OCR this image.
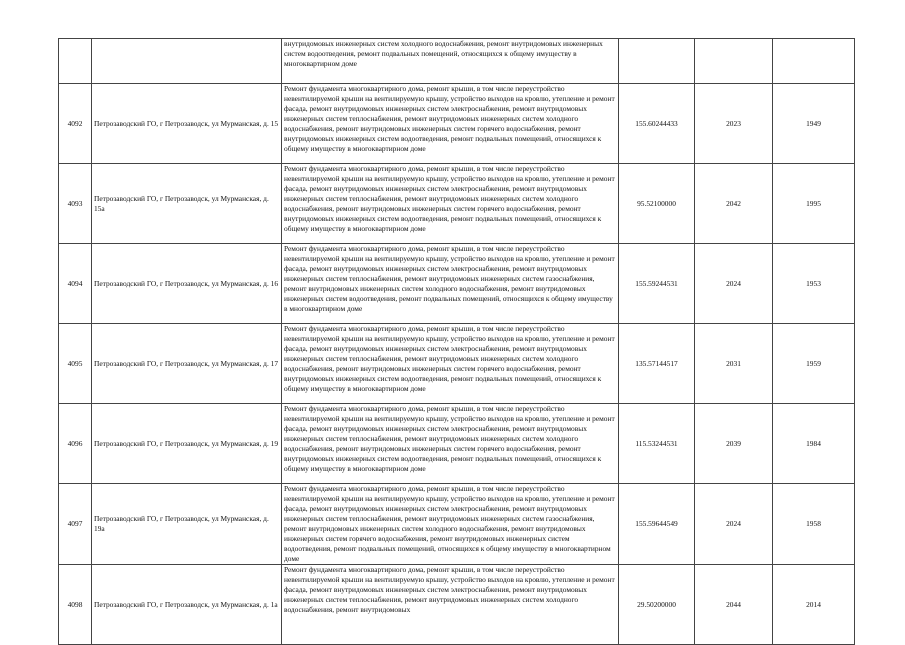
		внутридомовых инженерных систем холодного водоснабжения, ремонт внутридомовых инженерных систем водоотведения, ремонт подвальных помещений, относящихся к общему имуществу в многоквартирном доме			
4092	Петрозаводский ГО, г Петрозаводск, ул Мурманская, д. 15	Ремонт фундамента многоквартирного дома, ремонт крыши, в том числе переустройство невентилируемой крыши на вентилируемую крышу, устройство выходов на кровлю, утепление и ремонт фасада, ремонт внутридомовых инженерных систем электроснабжения, ремонт внутридомовых инженерных систем теплоснабжения, ремонт внутридомовых инженерных систем холодного водоснабжения, ремонт внутридомовых инженерных систем горячего водоснабжения, ремонт внутридомовых инженерных систем водоотведения, ремонт подвальных помещений, относящихся к общему имуществу в многоквартирном доме	155.60244433	2023	1949
4093	Петрозаводский ГО, г Петрозаводск, ул Мурманская, д. 15а	Ремонт фундамента многоквартирного дома, ремонт крыши, в том числе переустройство невентилируемой крыши на вентилируемую крышу, устройство выходов на кровлю, утепление и ремонт фасада, ремонт внутридомовых инженерных систем электроснабжения, ремонт внутридомовых инженерных систем теплоснабжения, ремонт внутридомовых инженерных систем холодного водоснабжения, ремонт внутридомовых инженерных систем горячего водоснабжения, ремонт внутридомовых инженерных систем водоотведения, ремонт подвальных помещений, относящихся к общему имуществу в многоквартирном доме	95.52100000	2042	1995
4094	Петрозаводский ГО, г Петрозаводск, ул Мурманская, д. 16	Ремонт фундамента многоквартирного дома, ремонт крыши, в том числе переустройство невентилируемой крыши на вентилируемую крышу, устройство выходов на кровлю, утепление и ремонт фасада, ремонт внутридомовых инженерных систем электроснабжения, ремонт внутридомовых инженерных систем теплоснабжения, ремонт внутридомовых инженерных систем газоснабжения, ремонт внутридомовых инженерных систем холодного водоснабжения, ремонт внутридомовых инженерных систем водоотведения, ремонт подвальных помещений, относящихся к общему имуществу в многоквартирном доме	155.59244531	2024	1953
4095	Петрозаводский ГО, г Петрозаводск, ул Мурманская, д. 17	Ремонт фундамента многоквартирного дома, ремонт крыши, в том числе переустройство невентилируемой крыши на вентилируемую крышу, устройство выходов на кровлю, утепление и ремонт фасада, ремонт внутридомовых инженерных систем электроснабжения, ремонт внутридомовых инженерных систем теплоснабжения, ремонт внутридомовых инженерных систем холодного водоснабжения, ремонт внутридомовых инженерных систем горячего водоснабжения, ремонт внутридомовых инженерных систем водоотведения, ремонт подвальных помещений, относящихся к общему имуществу в многоквартирном доме	135.57144517	2031	1959
4096	Петрозаводский ГО, г Петрозаводск, ул Мурманская, д. 19	Ремонт фундамента многоквартирного дома, ремонт крыши, в том числе переустройство невентилируемой крыши на вентилируемую крышу, устройство выходов на кровлю, утепление и ремонт фасада, ремонт внутридомовых инженерных систем электроснабжения, ремонт внутридомовых инженерных систем теплоснабжения, ремонт внутридомовых инженерных систем холодного водоснабжения, ремонт внутридомовых инженерных систем горячего водоснабжения, ремонт внутридомовых инженерных систем водоотведения, ремонт подвальных помещений, относящихся к общему имуществу в многоквартирном доме	115.53244531	2039	1984
4097	Петрозаводский ГО, г Петрозаводск, ул Мурманская, д. 19а	Ремонт фундамента многоквартирного дома, ремонт крыши, в том числе переустройство невентилируемой крыши на вентилируемую крышу, устройство выходов на кровлю, утепление и ремонт фасада, ремонт внутридомовых инженерных систем электроснабжения, ремонт внутридомовых инженерных систем теплоснабжения, ремонт внутридомовых инженерных систем газоснабжения, ремонт внутридомовых инженерных систем холодного водоснабжения, ремонт внутридомовых инженерных систем горячего водоснабжения, ремонт внутридомовых инженерных систем водоотведения, ремонт подвальных помещений, относящихся к общему имуществу в многоквартирном доме	155.59644549	2024	1958
4098	Петрозаводский ГО, г Петрозаводск, ул Мурманская, д. 1а	Ремонт фундамента многоквартирного дома, ремонт крыши, в том числе переустройство невентилируемой крыши на вентилируемую крышу, устройство выходов на кровлю, утепление и ремонт фасада, ремонт внутридомовых инженерных систем электроснабжения, ремонт внутридомовых инженерных систем теплоснабжения, ремонт внутридомовых инженерных систем холодного водоснабжения, ремонт внутридомовых	29.50200000	2044	2014
